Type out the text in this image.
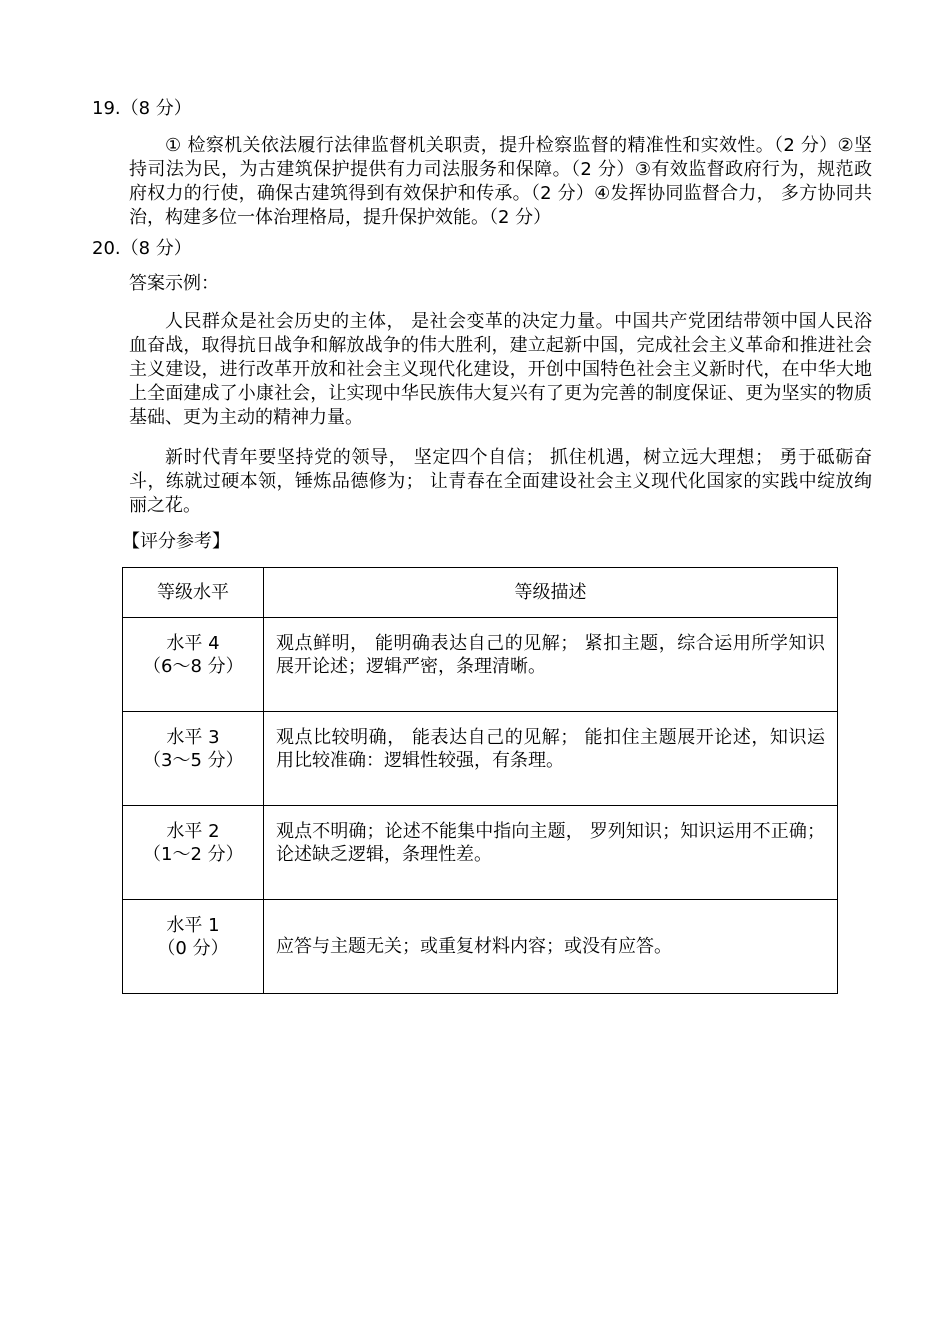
19.（8 分）
① 检察机关依法履行法律监督机关职责，提升检察监督的精准性和实效性。（2 分）②坚持司法为民，为古建筑保护提供有力司法服务和保障。（2 分）③有效监督政府行为，规范政府权力的行使，确保古建筑得到有效保护和传承。（2 分）④发挥协同监督合力， 多方协同共治，构建多位一体治理格局，提升保护效能。（2 分）
20.（8 分）
答案示例：
人民群众是社会历史的主体， 是社会变革的决定力量。中国共产党团结带领中国人民浴血奋战，取得抗日战争和解放战争的伟大胜利，建立起新中国，完成社会主义革命和推进社会主义建设，进行改革开放和社会主义现代化建设，开创中国特色社会主义新时代，在中华大地上全面建成了小康社会，让实现中华民族伟大复兴有了更为完善的制度保证、更为坚实的物质基础、更为主动的精神力量。
新时代青年要坚持党的领导， 坚定四个自信； 抓住机遇，树立远大理想； 勇于砥砺奋斗，练就过硬本领，锤炼品德修为； 让青春在全面建设社会主义现代化国家的实践中绽放绚丽之花。
【评分参考】
等级水平	等级描述

水平 4
（6～8 分）	观点鲜明， 能明确表达自己的见解； 紧扣主题，综合运用所学知识展开论述；逻辑严密，条理清晰。

水平 3
（3～5 分）	观点比较明确， 能表达自己的见解； 能扣住主题展开论述，知识运用比较准确：逻辑性较强，有条理。

水平 2
（1～2 分）	观点不明确；论述不能集中指向主题， 罗列知识；知识运用不正确；论述缺乏逻辑，条理性差。

水平 1
（0 分）	应答与主题无关；或重复材料内容；或没有应答。
